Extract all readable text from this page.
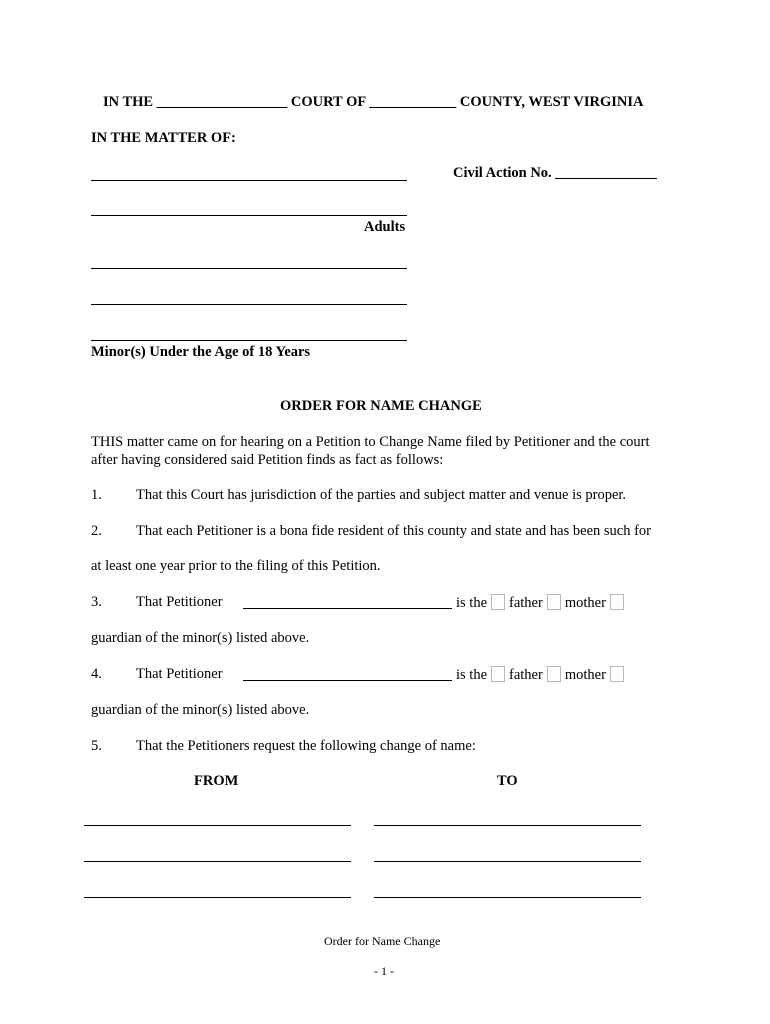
IN THE __________________ COURT OF ____________ COUNTY, WEST VIRGINIA
IN THE MATTER OF:
Civil Action No. ______________
Adults
Minor(s) Under the Age of 18 Years
ORDER FOR NAME CHANGE
THIS matter came on for hearing on a Petition to Change Name filed by Petitioner and the court
after having considered said Petition finds as fact as follows:
1. That this Court has jurisdiction of the parties and subject matter and venue is proper.
2. That each Petitioner is a bona fide resident of this county and state and has been such for
at least one year prior to the filing of this Petition.
3. That Petitioner	is the father mother
guardian of the minor(s) listed above.
4. That Petitioner	is the father mother
guardian of the minor(s) listed above.
5. That the Petitioners request the following change of name:
FROM	TO
Order for Name Change
- 1 -
